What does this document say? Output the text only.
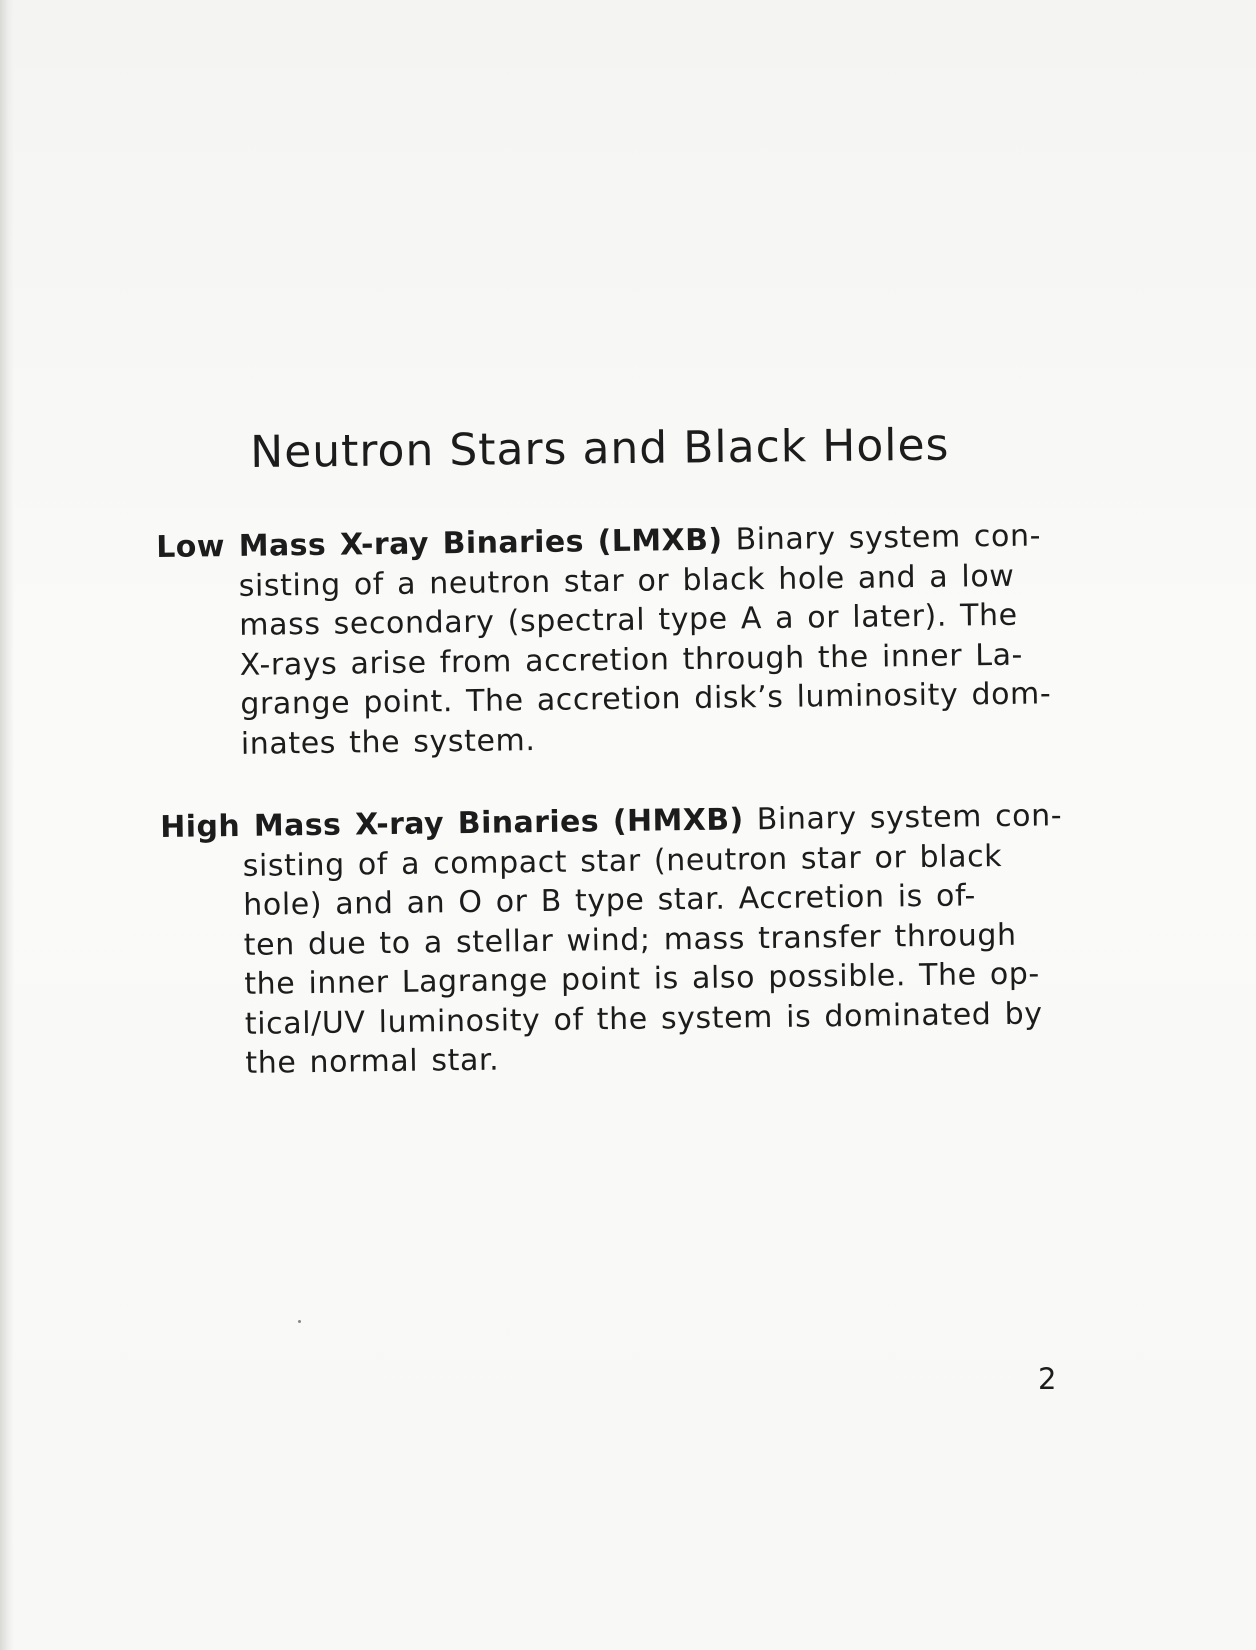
Neutron Stars and Black Holes
Low Mass X-ray Binaries (LMXB) Binary system con-
sisting of a neutron star or black hole and a low
mass secondary (spectral type A a or later). The
X-rays arise from accretion through the inner La-
grange point. The accretion disk’s luminosity dom-
inates the system.
High Mass X-ray Binaries (HMXB) Binary system con-
sisting of a compact star (neutron star or black
hole) and an O or B type star. Accretion is of-
ten due to a stellar wind; mass transfer through
the inner Lagrange point is also possible. The op-
tical/UV luminosity of the system is dominated by
the normal star.
2
